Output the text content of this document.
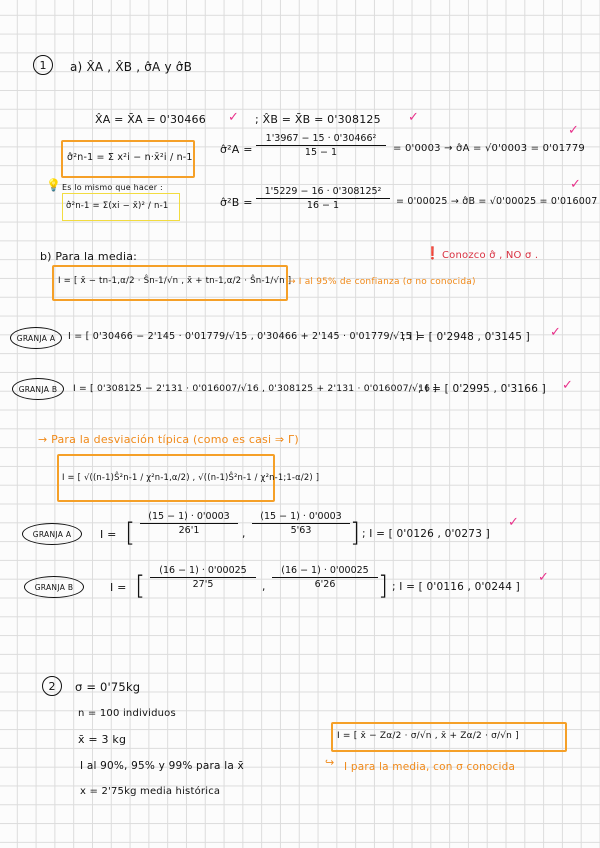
1	a) X̂A , X̂B , σ̂A y σ̂B
X̂A = X̄A = 0'30466 ✓ ; X̂B = X̄B = 0'308125 ✓
σ̂²n-1 = Σ x²i − n·x̄²i / n-1
💡 Es lo mismo que hacer :
σ̂²n-1 = Σ(xi − x̄)² / n-1
σ̂²A =
1'3967 − 15 · 0'30466²
15 − 1	= 0'0003 → σ̂A = √0'0003 = 0'01779
✓
σ̂²B =
1'5229 − 16 · 0'308125²
16 − 1	= 0'00025 → σ̂B = √0'00025 = 0'016007
✓
b) Para la media:	❗ Conozco σ̂ , NO σ .
I = [ x̄ − tn-1,α/2 · Ŝn-1/√n , x̄ + tn-1,α/2 · Ŝn-1/√n ]
→ I al 95% de confianza (σ no conocida)
GRANJA A	I = [ 0'30466 − 2'145 · 0'01779/√15 , 0'30466 + 2'145 · 0'01779/√15 ]
; I = [ 0'2948 , 0'3145 ] ✓
GRANJA B	I = [ 0'308125 − 2'131 · 0'016007/√16 , 0'308125 + 2'131 · 0'016007/√16 ]
; I = [ 0'2995 , 0'3166 ] ✓
→ Para la desviación típica (como es casi ⇒ Γ)
I = [ √((n-1)Ŝ²n-1 / χ²n-1,α/2) , √((n-1)Ŝ²n-1 / χ²n-1;1-α/2) ]
GRANJA A	I = [
(15 − 1) · 0'0003
26'1	,
(15 − 1) · 0'0003
5'63	] ; I = [ 0'0126 , 0'0273 ]
✓
GRANJA B	I = [
(16 − 1) · 0'00025
27'5	,
(16 − 1) · 0'00025
6'26	] ; I = [ 0'0116 , 0'0244 ]
✓
2	σ = 0'75kg
n = 100 individuos
x̄ = 3 kg
I al 90%, 95% y 99% para la x̄
x = 2'75kg media histórica
I = [ x̄ − Zα/2 · σ/√n , x̄ + Zα/2 · σ/√n ]
↪ I para la media, con σ conocida
